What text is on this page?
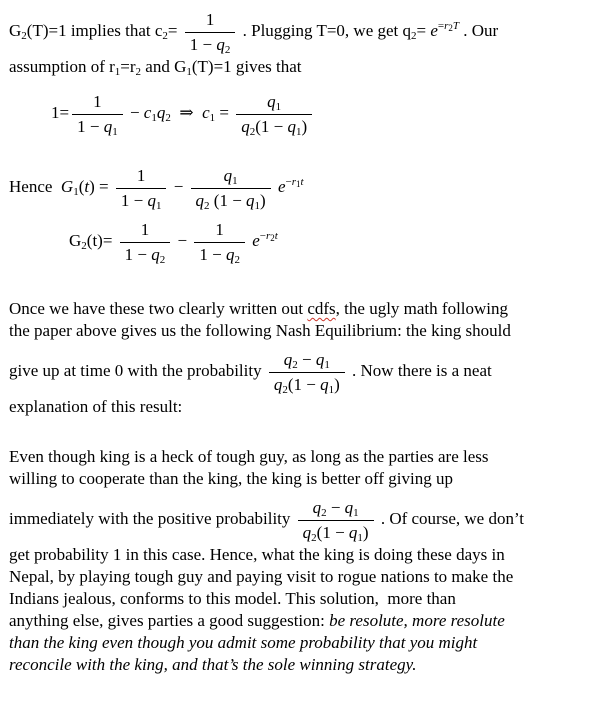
$G_2(T)=1$ implies that $c_2= \frac{1}{1 - q_2}$ . Plugging T=0, we get $q_2= e^{=r_2T}$ . Our
assumption of $r_1=r_2$ and $G_1(T)=1$ gives that
$1= \frac{1}{1 - q_1} - c_1q_2$  ⇒  $c_1 = \frac{q_1}{q_2(1 - q_1)}$
Hence  $G_1(t) = \frac{1}{1 - q_1} - \frac{q_1}{q_2 (1 - q_1)} e^{-r_1t}$
$G_2(t)= \frac{1}{1 - q_2} - \frac{1}{1 - q_2} e^{-r_2t}$
Once we have these two clearly written out cdfs, the ugly math following
the paper above gives us the following Nash Equilibrium: the king should
give up at time 0 with the probability $\frac{q_2 - q_1}{q_2(1 - q_1)}$ . Now there is a neat
explanation of this result:
Even though king is a heck of tough guy, as long as the parties are less
willing to cooperate than the king, the king is better off giving up
immediately with the positive probability $\frac{q_2 - q_1}{q_2(1 - q_1)}$ . Of course, we don’t
get probability 1 in this case. Hence, what the king is doing these days in
Nepal, by playing tough guy and paying visit to rogue nations to make the
Indians jealous, conforms to this model. This solution,  more than
anything else, gives parties a good suggestion: be resolute, more resolute
than the king even though you admit some probability that you might
reconcile with the king, and that’s the sole winning strategy.
